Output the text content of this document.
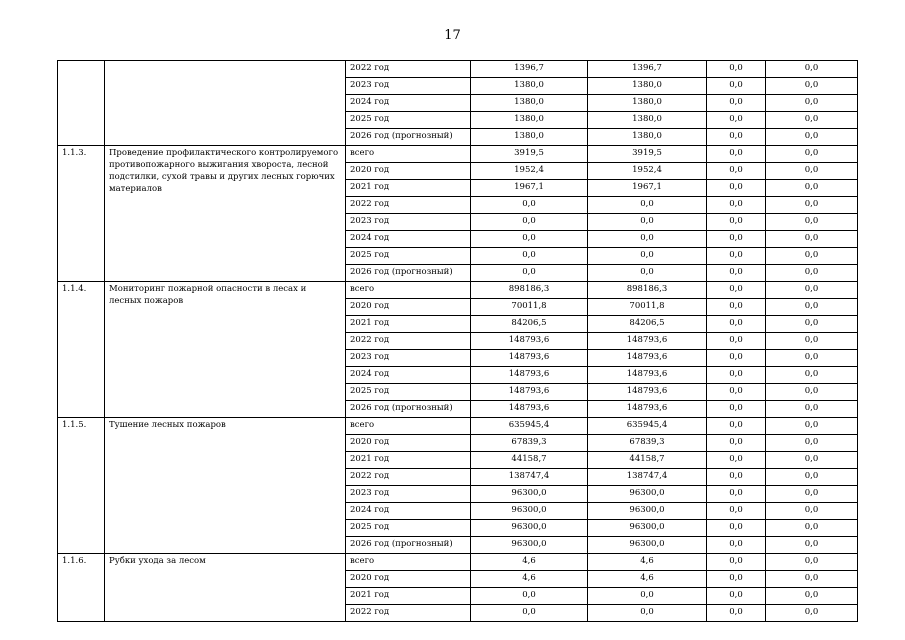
17
		2022 год	1396,7	1396,7	0,0	0,0
		2023 год	1380,0	1380,0	0,0	0,0
		2024 год	1380,0	1380,0	0,0	0,0
		2025 год	1380,0	1380,0	0,0	0,0
		2026 год (прогнозный)	1380,0	1380,0	0,0	0,0
1.1.3.	Проведение профилактического контролируемого противопожарного выжигания хвороста, лесной подстилки, сухой травы и других лесных горючих материалов	всего	3919,5	3919,5	0,0	0,0
		2020 год	1952,4	1952,4	0,0	0,0
		2021 год	1967,1	1967,1	0,0	0,0
		2022 год	0,0	0,0	0,0	0,0
		2023 год	0,0	0,0	0,0	0,0
		2024 год	0,0	0,0	0,0	0,0
		2025 год	0,0	0,0	0,0	0,0
		2026 год (прогнозный)	0,0	0,0	0,0	0,0
1.1.4.	Мониторинг пожарной опасности в лесах и лесных пожаров	всего	898186,3	898186,3	0,0	0,0
		2020 год	70011,8	70011,8	0,0	0,0
		2021 год	84206,5	84206,5	0,0	0,0
		2022 год	148793,6	148793,6	0,0	0,0
		2023 год	148793,6	148793,6	0,0	0,0
		2024 год	148793,6	148793,6	0,0	0,0
		2025 год	148793,6	148793,6	0,0	0,0
		2026 год (прогнозный)	148793,6	148793,6	0,0	0,0
1.1.5.	Тушение лесных пожаров	всего	635945,4	635945,4	0,0	0,0
		2020 год	67839,3	67839,3	0,0	0,0
		2021 год	44158,7	44158,7	0,0	0,0
		2022 год	138747,4	138747,4	0,0	0,0
		2023 год	96300,0	96300,0	0,0	0,0
		2024 год	96300,0	96300,0	0,0	0,0
		2025 год	96300,0	96300,0	0,0	0,0
		2026 год (прогнозный)	96300,0	96300,0	0,0	0,0
1.1.6.	Рубки ухода за лесом	всего	4,6	4,6	0,0	0,0
		2020 год	4,6	4,6	0,0	0,0
		2021 год	0,0	0,0	0,0	0,0
		2022 год	0,0	0,0	0,0	0,0
